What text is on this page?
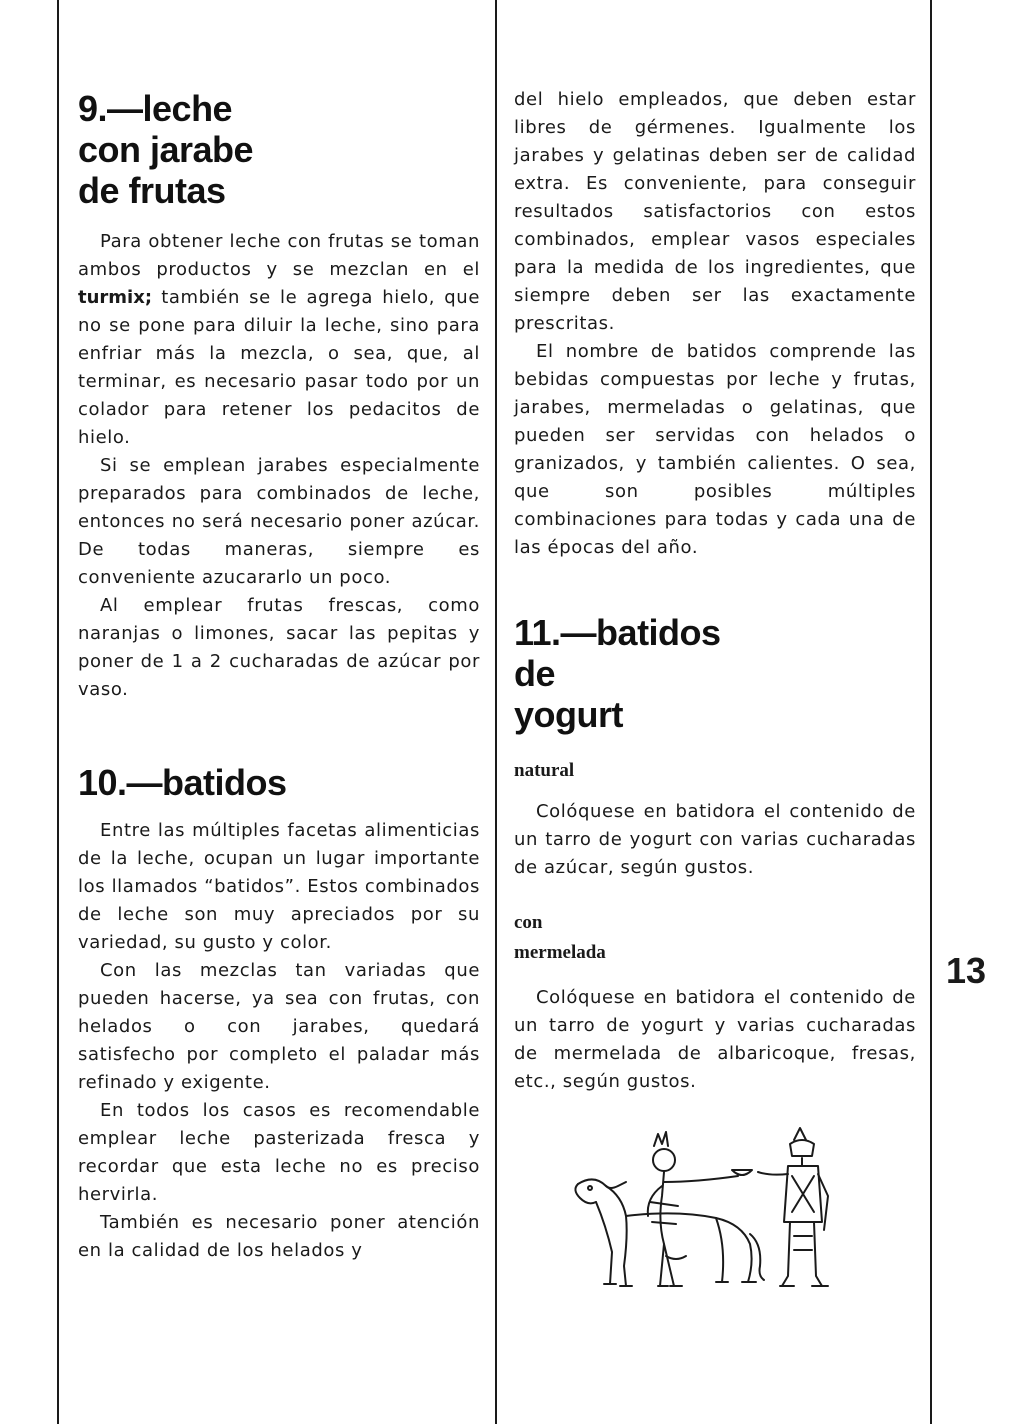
9.—leche
con jarabe
de frutas

Para obtener leche con frutas se toman ambos productos y se mezclan en el turmix; también se le agrega hielo, que no se pone para diluir la leche, sino para enfriar más la mezcla, o sea, que, al terminar, es necesario pasar todo por un colador para retener los pedacitos de hielo.

Si se emplean jarabes especialmente preparados para combinados de leche, entonces no será necesario poner azúcar. De todas maneras, siempre es conveniente azucararlo un poco.

Al emplear frutas frescas, como naranjas o limones, sacar las pepitas y poner de 1 a 2 cucharadas de azúcar por vaso.

10.—batidos

Entre las múltiples facetas alimenticias de la leche, ocupan un lugar importante los llamados “batidos”. Estos combinados de leche son muy apreciados por su variedad, su gusto y color.

Con las mezclas tan variadas que pueden hacerse, ya sea con frutas, con helados o con jarabes, quedará satisfecho por completo el paladar más refinado y exigente.

En todos los casos es recomendable emplear leche pasterizada fresca y recordar que esta leche no es preciso hervirla.

También es necesario poner atención en la calidad de los helados y

del hielo empleados, que deben estar libres de gérmenes. Igualmente los jarabes y gelatinas deben ser de calidad extra. Es conveniente, para conseguir resultados satisfactorios con estos combinados, emplear vasos especiales para la medida de los ingredientes, que siempre deben ser las exactamente prescritas.

El nombre de batidos comprende las bebidas compuestas por leche y frutas, jarabes, mermeladas o gelatinas, que pueden ser servidas con helados o granizados, y también calientes. O sea, que son posibles múltiples combinaciones para todas y cada una de las épocas del año.

11.—batidos
de
yogurt
natural

Colóquese en batidora el contenido de un tarro de yogurt con varias cucharadas de azúcar, según gustos.

con
mermelada

Colóquese en batidora el contenido de un tarro de yogurt y varias cucharadas de mermelada de albaricoque, fresas, etc., según gustos.

13
